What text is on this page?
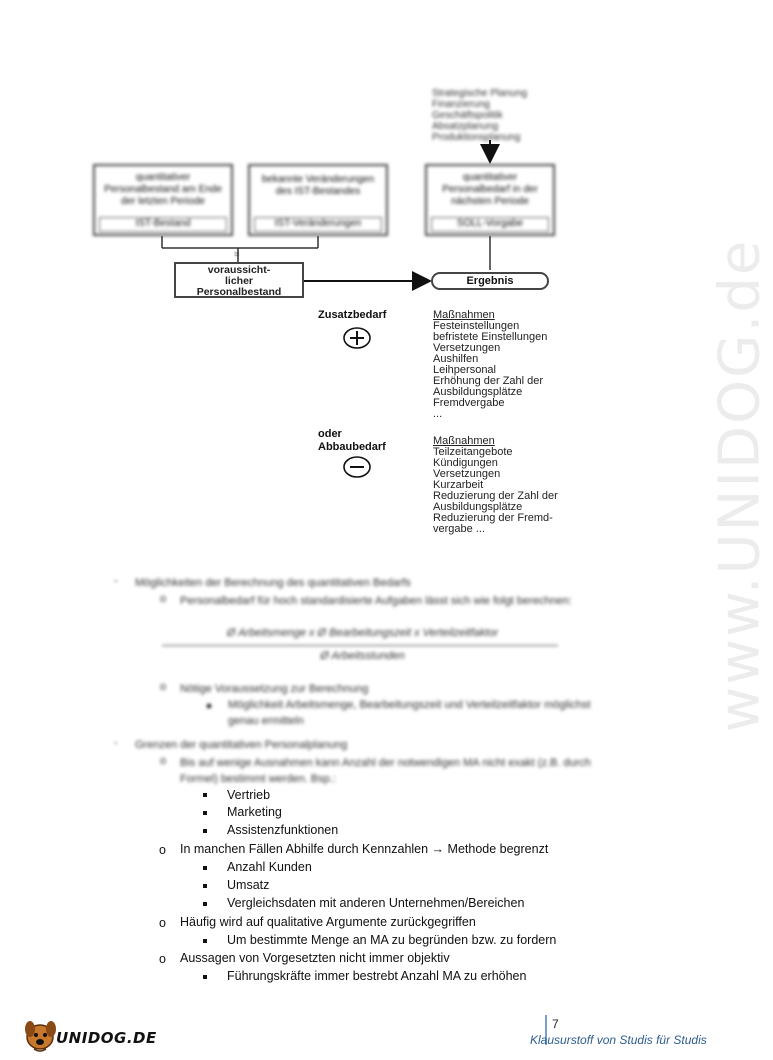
www.UNIDOG.de
Strategische Planung
Finanzierung
Geschäftspolitik
Absatzplanung
Produktionsplanung
quantitativer Personalbestand am Ende der letzten Periode
IST-Bestand
bekannte Veränderungen des IST-Bestandes
IST-Veränderungen
quantitativer Personalbedarf in der nächsten Periode
SOLL-Vorgabe
=
voraussicht-
licher
Personalbestand
Ergebnis
Zusatzbedarf	Maßnahmen
Festeinstellungen
befristete Einstellungen
Versetzungen
Aushilfen
Leihpersonal
Erhöhung der Zahl der
Ausbildungsplätze
Fremdvergabe
...
oder
Abbaubedarf	Maßnahmen
Teilzeitangebote
Kündigungen
Versetzungen
Kurzarbeit
Reduzierung der Zahl der
Ausbildungsplätze
Reduzierung der Fremd-
vergabe ...
- Möglichkeiten der Berechnung des quantitativen Bedarfs
o Personalbedarf für hoch standardisierte Aufgaben lässt sich wie folgt berechnen:
Ø Arbeitsmenge x Ø Bearbeitungszeit x Verteilzeitfaktor
Ø Arbeitsstunden
o Nötige Voraussetzung zur Berechnung
Möglichkeit Arbeitsmenge, Bearbeitungszeit und Verteilzeitfaktor möglichst
genau ermitteln
- Grenzen der quantitativen Personalplanung
o Bis auf wenige Ausnahmen kann Anzahl der notwendigen MA nicht exakt (z.B. durch
Formel) bestimmt werden. Bsp.:
Vertrieb
Marketing
Assistenzfunktionen
o In manchen Fällen Abhilfe durch Kennzahlen → Methode begrenzt
Anzahl Kunden
Umsatz
Vergleichsdaten mit anderen Unternehmen/Bereichen
o Häufig wird auf qualitative Argumente zurückgegriffen
Um bestimmte Menge an MA zu begründen bzw. zu fordern
o Aussagen von Vorgesetzten nicht immer objektiv
Führungskräfte immer bestrebt Anzahl MA zu erhöhen
UNIDOG.DE
7
Klausurstoff von Studis für Studis
